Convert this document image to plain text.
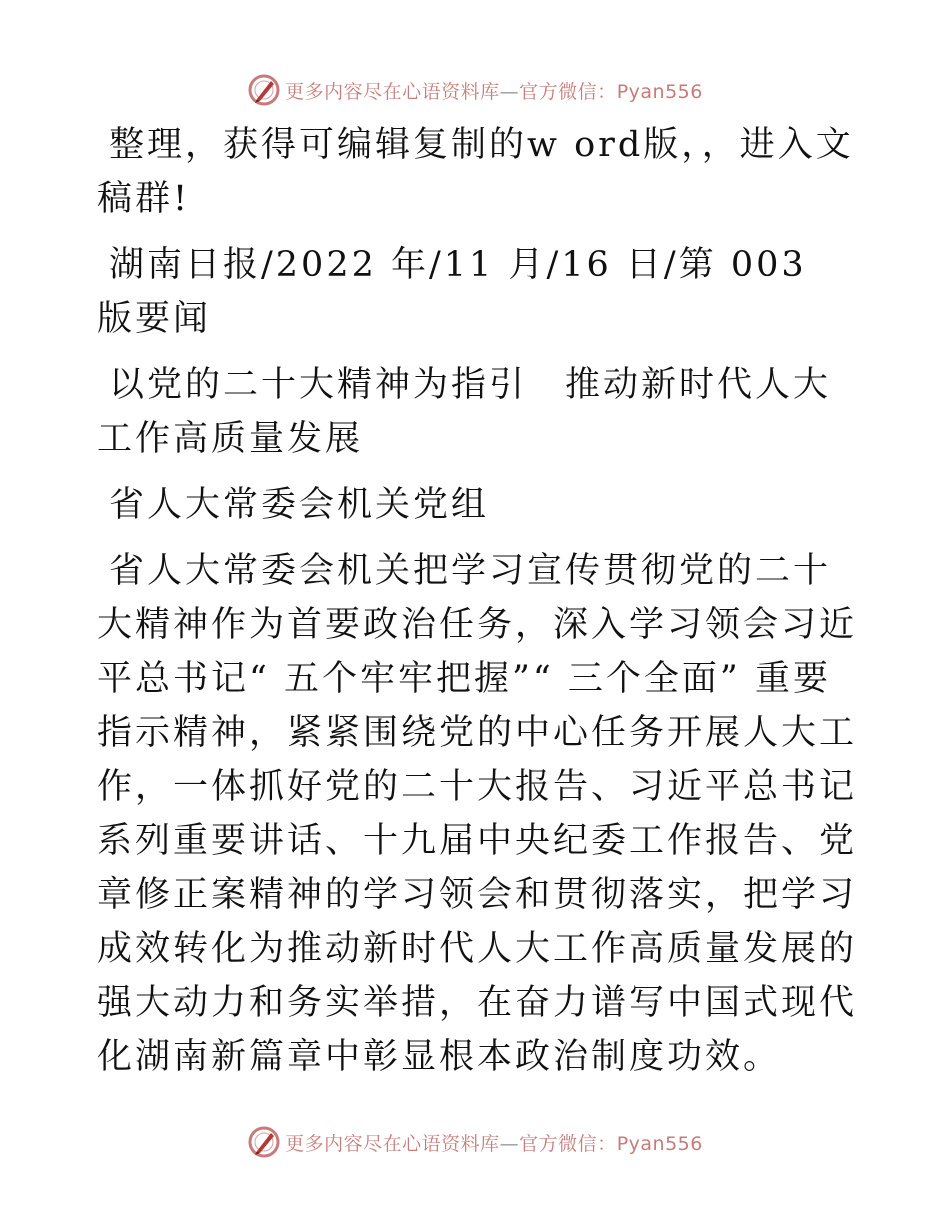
更多内容尽在心语资料库—官方微信：Pyan556

整理，获得可编辑复制的w ord版，，进入文稿群!

湖南日报/2022 年/11 月/16 日/第 003 版要闻

以党的二十大精神为指引　推动新时代人大工作高质量发展

省人大常委会机关党组

省人大常委会机关把学习宣传贯彻党的二十大精神作为首要政治任务，深入学习领会习近平总书记“ 五个牢牢把握”“ 三个全面” 重要指示精神，紧紧围绕党的中心任务开展人大工作，一体抓好党的二十大报告、习近平总书记系列重要讲话、十九届中央纪委工作报告、党章修正案精神的学习领会和贯彻落实，把学习成效转化为推动新时代人大工作高质量发展的强大动力和务实举措，在奋力谱写中国式现代化湖南新篇章中彰显根本政治制度功效。

更多内容尽在心语资料库—官方微信：Pyan556
